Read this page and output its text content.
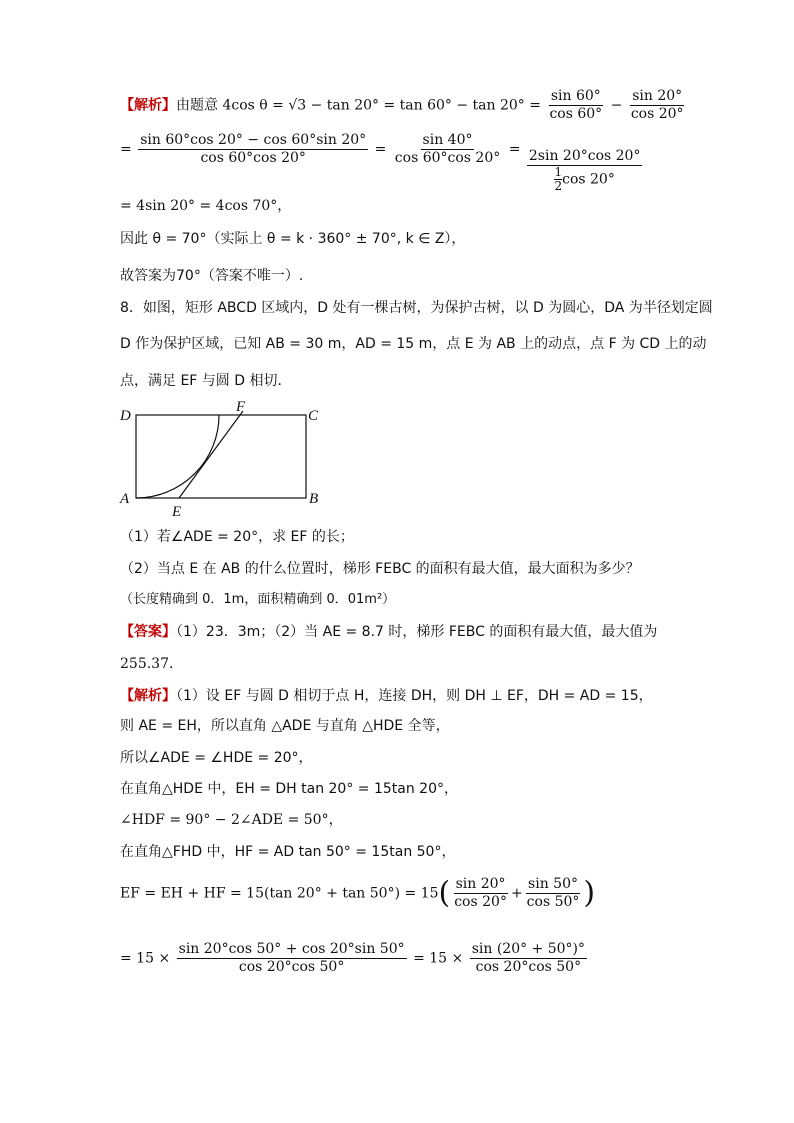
【解析】由题意 4cos $\theta = √3 - \tan 20^\circ = \tan 60^\circ - \tan 20^\circ = \frac{\sin 60^\circ}{\cos 60^\circ} - \frac{\sin 20^\circ}{\cos 20^\circ}$
= $\frac{\sin 60^\circ\cos 20^\circ - \cos 60^\circ\sin 20^\circ}{\cos 60^\circ\cos 20^\circ} = \frac{\sin 40^\circ}{\cos 60^\circ\cos 20^\circ} = \frac{2\sin 20^\circ\cos 20^\circ}{\frac{1}{2} \cos 20^\circ}$
= 4sin 20° = 4cos 70°，
因此 θ = 70°（实际上 θ = k · 360° ± 70°, k ∈ Z），
故答案为70°（答案不唯一）.
8．如图，矩形 ABCD 区域内，D 处有一棵古树，为保护古树，以 D 为圆心，DA 为半径划定圆
D 作为保护区域，已知 AB = 30 m，AD = 15 m，点 E 为 AB 上的动点，点 F 为 CD 上的动
点，满足 EF 与圆 D 相切．
D
F
C
A
E
B
（1）若∠ADE = 20°，求 EF 的长；
（2）当点 E 在 AB 的什么位置时，梯形 FEBC 的面积有最大值，最大面积为多少？
（长度精确到 0．1m，面积精确到 0．01m²）
【答案】（1）23．3m；（2）当 AE = 8.7 时，梯形 FEBC 的面积有最大值，最大值为
255.37．
【解析】（1）设 EF 与圆 D 相切于点 H，连接 DH，则 DH ⊥ EF，DH = AD = 15，
则 AE = EH，所以直角 △ADE 与直角 △HDE 全等，
所以∠ADE = ∠HDE = 20°，
在直角△HDE 中，EH = DH tan 20° = 15tan 20°，
∠HDF = 90° − 2∠ADE = 50°，
在直角△FHD 中，HF = AD tan 50° = 15tan 50°，
EF = EH + HF = 15(tan $20^\circ + \tan 50^\circ) = 15( \frac{\sin 20^\circ}{\cos 20^\circ} + \frac{\sin 50^\circ}{\cos 50^\circ}$ )
= $15 \times \frac{\sin 20^\circ\cos 50^\circ + \cos 20^\circ\sin 50^\circ}{\cos 20^\circ\cos 50^\circ} = 15 \times \frac{\sin (20^\circ + 50^\circ)^\circ}{\cos 20^\circ\cos 50^\circ}$
